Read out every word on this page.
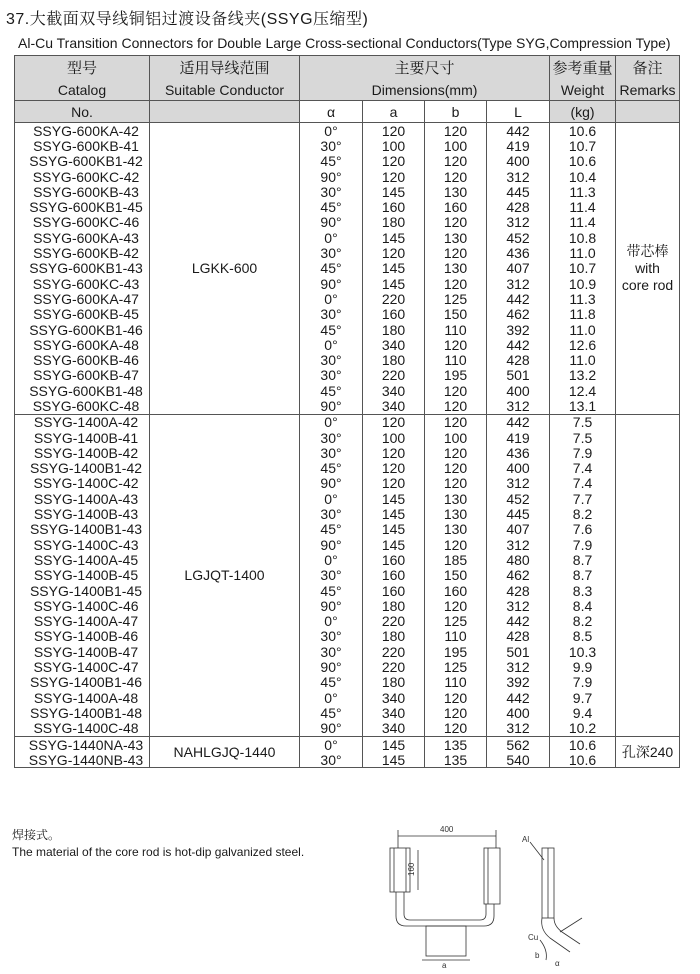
37.大截面双导线铜铝过渡设备线夹(SSYG压缩型)
Al-Cu Transition Connectors for Double Large Cross-sectional Conductors(Type SYG,Compression Type)
型号	适用导线范围	主要尺寸				参考重量	备注
Catalog	Suitable Conductor	Dimensions(mm)				Weight	Remarks
No.		α	a	b	L	(kg)	
SSYG-600KA-42	LGKK-600	0°	120	120	442	10.6	带芯棒
with
core rod

SSYG-600KB-41		30°	100	100	419	10.7	
SSYG-600KB1-42		45°	120	120	400	10.6	
SSYG-600KC-42		90°	120	120	312	10.4	
SSYG-600KB-43		30°	145	130	445	11.3	
SSYG-600KB1-45		45°	160	160	428	11.4	
SSYG-600KC-46		90°	180	120	312	11.4	
SSYG-600KA-43		0°	145	130	452	10.8	
SSYG-600KB-42		30°	120	120	436	11.0	
SSYG-600KB1-43		45°	145	130	407	10.7	
SSYG-600KC-43		90°	145	120	312	10.9	
SSYG-600KA-47		0°	220	125	442	11.3	
SSYG-600KB-45		30°	160	150	462	11.8	
SSYG-600KB1-46		45°	180	110	392	11.0	
SSYG-600KA-48		0°	340	120	442	12.6	
SSYG-600KB-46		30°	180	110	428	11.0	
SSYG-600KB-47		30°	220	195	501	13.2	
SSYG-600KB1-48		45°	340	120	400	12.4	
SSYG-600KC-48		90°	340	120	312	13.1	
SSYG-1400A-42	LGJQT-1400	0°	120	120	442	7.5	
SSYG-1400B-41		30°	100	100	419	7.5	
SSYG-1400B-42		30°	120	120	436	7.9	
SSYG-1400B1-42		45°	120	120	400	7.4	
SSYG-1400C-42		90°	120	120	312	7.4	
SSYG-1400A-43		0°	145	130	452	7.7	
SSYG-1400B-43		30°	145	130	445	8.2	
SSYG-1400B1-43		45°	145	130	407	7.6	
SSYG-1400C-43		90°	145	120	312	7.9	
SSYG-1400A-45		0°	160	185	480	8.7	
SSYG-1400B-45		30°	160	150	462	8.7	
SSYG-1400B1-45		45°	160	160	428	8.3	
SSYG-1400C-46		90°	180	120	312	8.4	
SSYG-1400A-47		0°	220	125	442	8.2	
SSYG-1400B-46		30°	180	110	428	8.5	
SSYG-1400B-47		30°	220	195	501	10.3	
SSYG-1400C-47		90°	220	125	312	9.9	
SSYG-1400B1-46		45°	180	110	392	7.9	
SSYG-1400A-48		0°	340	120	442	9.7	
SSYG-1400B1-48		45°	340	120	400	9.4	
SSYG-1400C-48		90°	340	120	312	10.2	
SSYG-1440NA-43	NAHLGJQ-1440	0°	145	135	562	10.6	孔深240

SSYG-1440NB-43		30°	145	135	540	10.6	
焊接式。
The material of the core rod is hot-dip galvanized steel.
400
160
Al
Cu
a
b
α
